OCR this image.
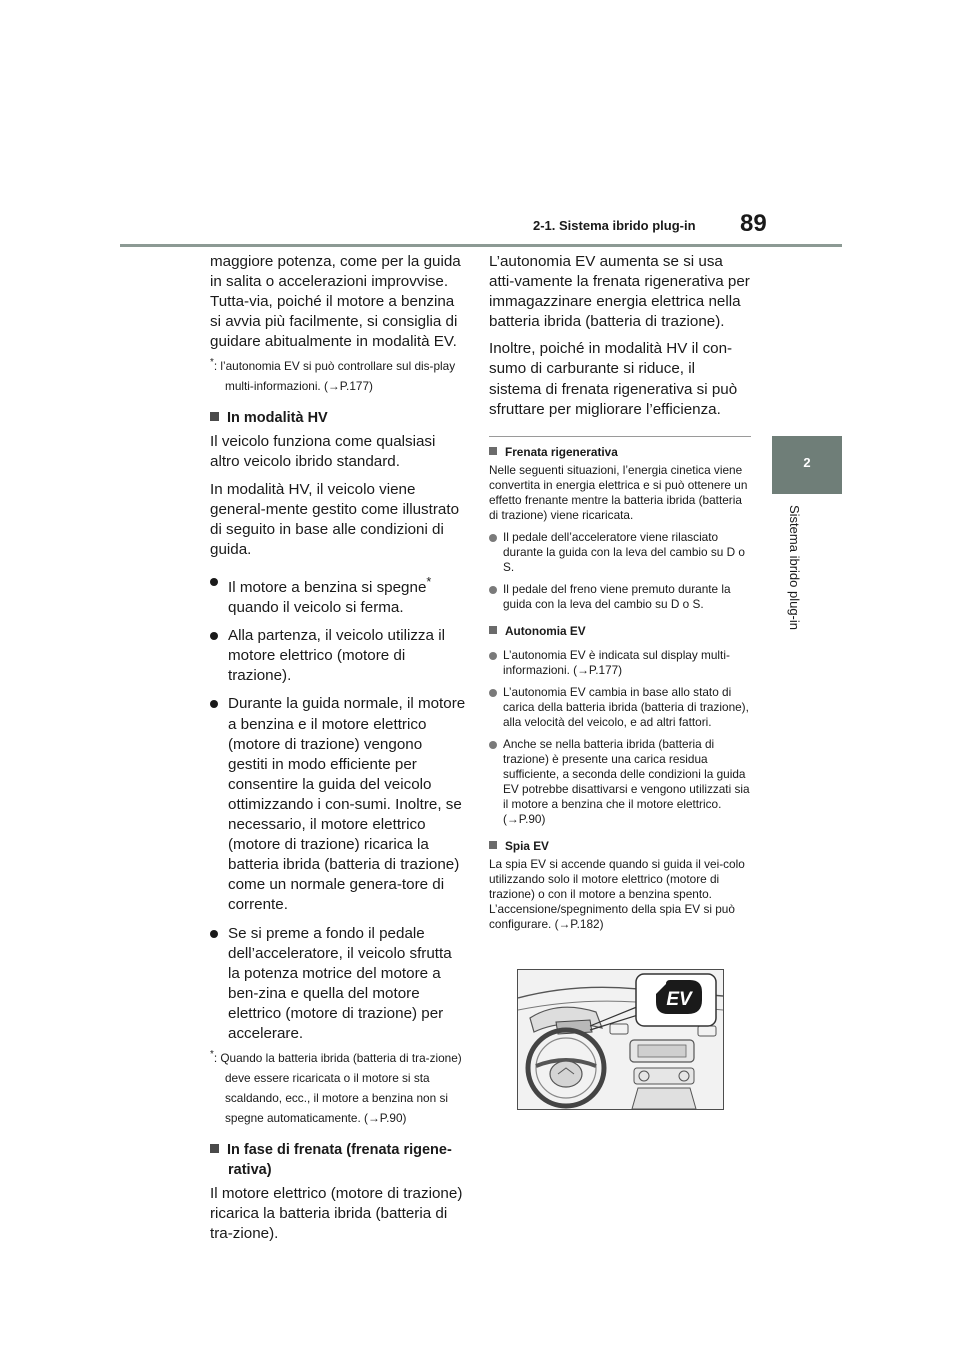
2-1. Sistema ibrido plug-in 89
2
Sistema ibrido plug-in

maggiore potenza, come per la guida in salita o accelerazioni improvvise. Tutta-via, poiché il motore a benzina si avvia più facilmente, si consiglia di guidare abitualmente in modalità EV.

*: l’autonomia EV si può controllare sul dis-play multi-informazioni. (→P.177)

In modalità HV

Il veicolo funziona come qualsiasi altro veicolo ibrido standard.

In modalità HV, il veicolo viene general-mente gestito come illustrato di seguito in base alle condizioni di guida.

Il motore a benzina si spegne* quando il veicolo si ferma.
Alla partenza, il veicolo utilizza il motore elettrico (motore di trazione).
Durante la guida normale, il motore a benzina e il motore elettrico (motore di trazione) vengono gestiti in modo efficiente per consentire la guida del veicolo ottimizzando i con-sumi. Inoltre, se necessario, il motore elettrico (motore di trazione) ricarica la batteria ibrida (batteria di trazione) come un normale genera-tore di corrente.
Se si preme a fondo il pedale dell’acceleratore, il veicolo sfrutta la potenza motrice del motore a ben-zina e quella del motore elettrico (motore di trazione) per accelerare.

*: Quando la batteria ibrida (batteria di tra-zione) deve essere ricaricata o il motore si sta scaldando, ecc., il motore a benzina non si spegne automaticamente. (→P.90)

In fase di frenata (frenata rigene-rativa)

Il motore elettrico (motore di trazione) ricarica la batteria ibrida (batteria di tra-zione).

L’autonomia EV aumenta se si usa atti-vamente la frenata rigenerativa per immagazzinare energia elettrica nella batteria ibrida (batteria di trazione).

Inoltre, poiché in modalità HV il con-sumo di carburante si riduce, il sistema di frenata rigenerativa si può sfruttare per migliorare l’efficienza.

Frenata rigenerativa

Nelle seguenti situazioni, l’energia cinetica viene convertita in energia elettrica e si può ottenere un effetto frenante mentre la batteria ibrida (batteria di trazione) viene ricaricata.

Il pedale dell’acceleratore viene rilasciato durante la guida con la leva del cambio su D o S.
Il pedale del freno viene premuto durante la guida con la leva del cambio su D o S.

Autonomia EV

L’autonomia EV è indicata sul display multi-informazioni. (→P.177)
L’autonomia EV cambia in base allo stato di carica della batteria ibrida (batteria di trazione), alla velocità del veicolo, e ad altri fattori.
Anche se nella batteria ibrida (batteria di trazione) è presente una carica residua sufficiente, a seconda delle condizioni la guida EV potrebbe disattivarsi e vengono utilizzati sia il motore a benzina che il motore elettrico. (→P.90)

Spia EV

La spia EV si accende quando si guida il vei-colo utilizzando solo il motore elettrico (motore di trazione) o con il motore a benzina spento. L’accensione/spegnimento della spia EV si può configurare. (→P.182)

EV
